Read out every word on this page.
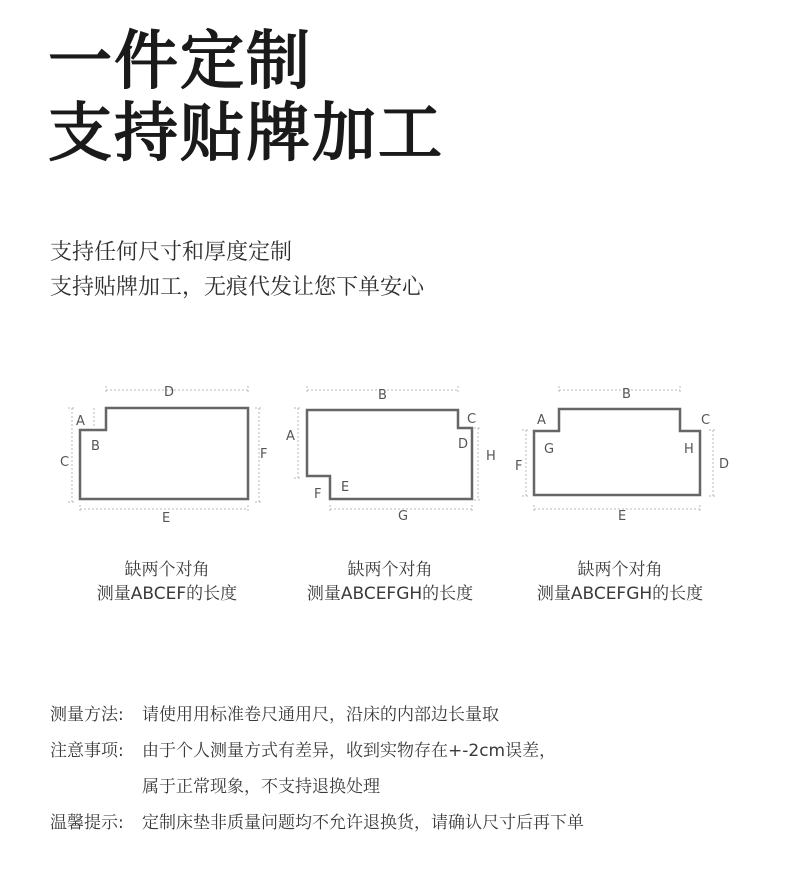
一件定制
支持贴牌加工

支持任何尺寸和厚度定制

支持贴牌加工，无痕代发让您下单安心

D
A
B
C
F
E
B
C
A
D
H
F E
G
B
A	C
G	H
F	D
E
缺两个对角
测量ABCEF的长度
缺两个对角
测量ABCEFGH的长度
缺两个对角
测量ABCEFGH的长度
测量方法:	请使用用标准卷尺通用尺，沿床的内部边长量取
注意事项:	由于个人测量方式有差异，收到实物存在+-2cm误差，
属于正常现象，不支持退换处理
温馨提示:	定制床垫非质量问题均不允许退换货，请确认尺寸后再下单
